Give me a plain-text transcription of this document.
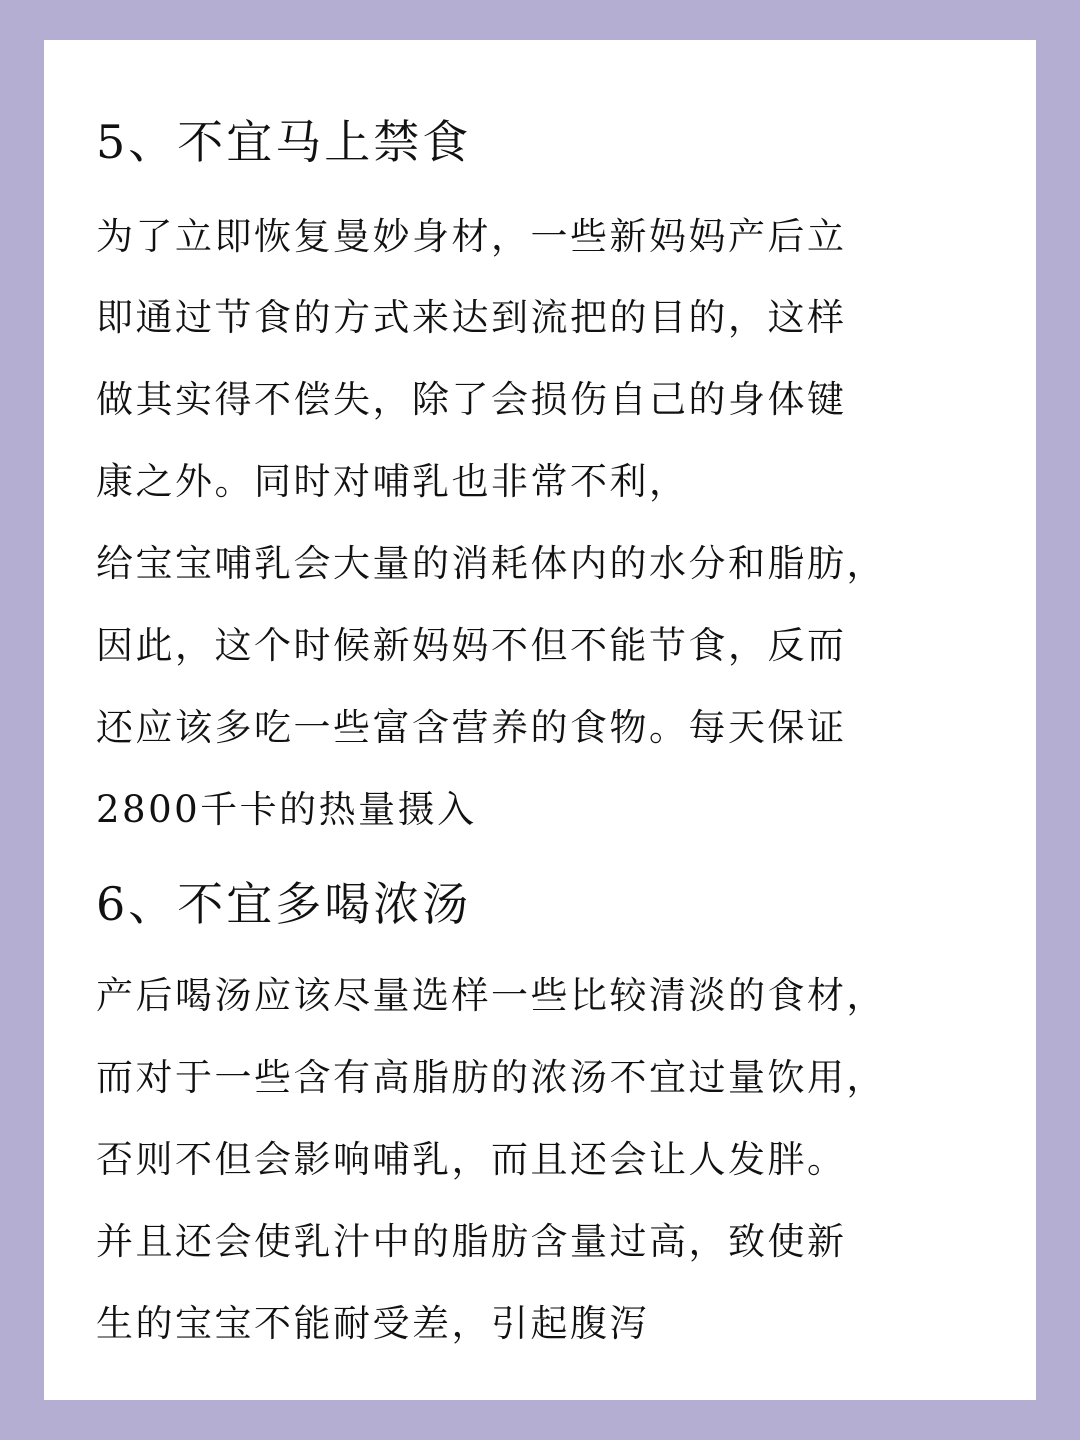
5、不宜马上禁食

为了立即恢复曼妙身材，一些新妈妈产后立

即通过节食的方式来达到流把的目的，这样

做其实得不偿失，除了会损伤自己的身体键

康之外。同时对哺乳也非常不利，

给宝宝哺乳会大量的消耗体内的水分和脂肪，

因此，这个时候新妈妈不但不能节食，反而

还应该多吃一些富含营养的食物。每天保证

2800千卡的热量摄入

6、不宜多喝浓汤

产后喝汤应该尽量选样一些比较清淡的食材，

而对于一些含有高脂肪的浓汤不宜过量饮用，

否则不但会影响哺乳，而且还会让人发胖。

并且还会使乳汁中的脂肪含量过高，致使新

生的宝宝不能耐受差，引起腹泻
